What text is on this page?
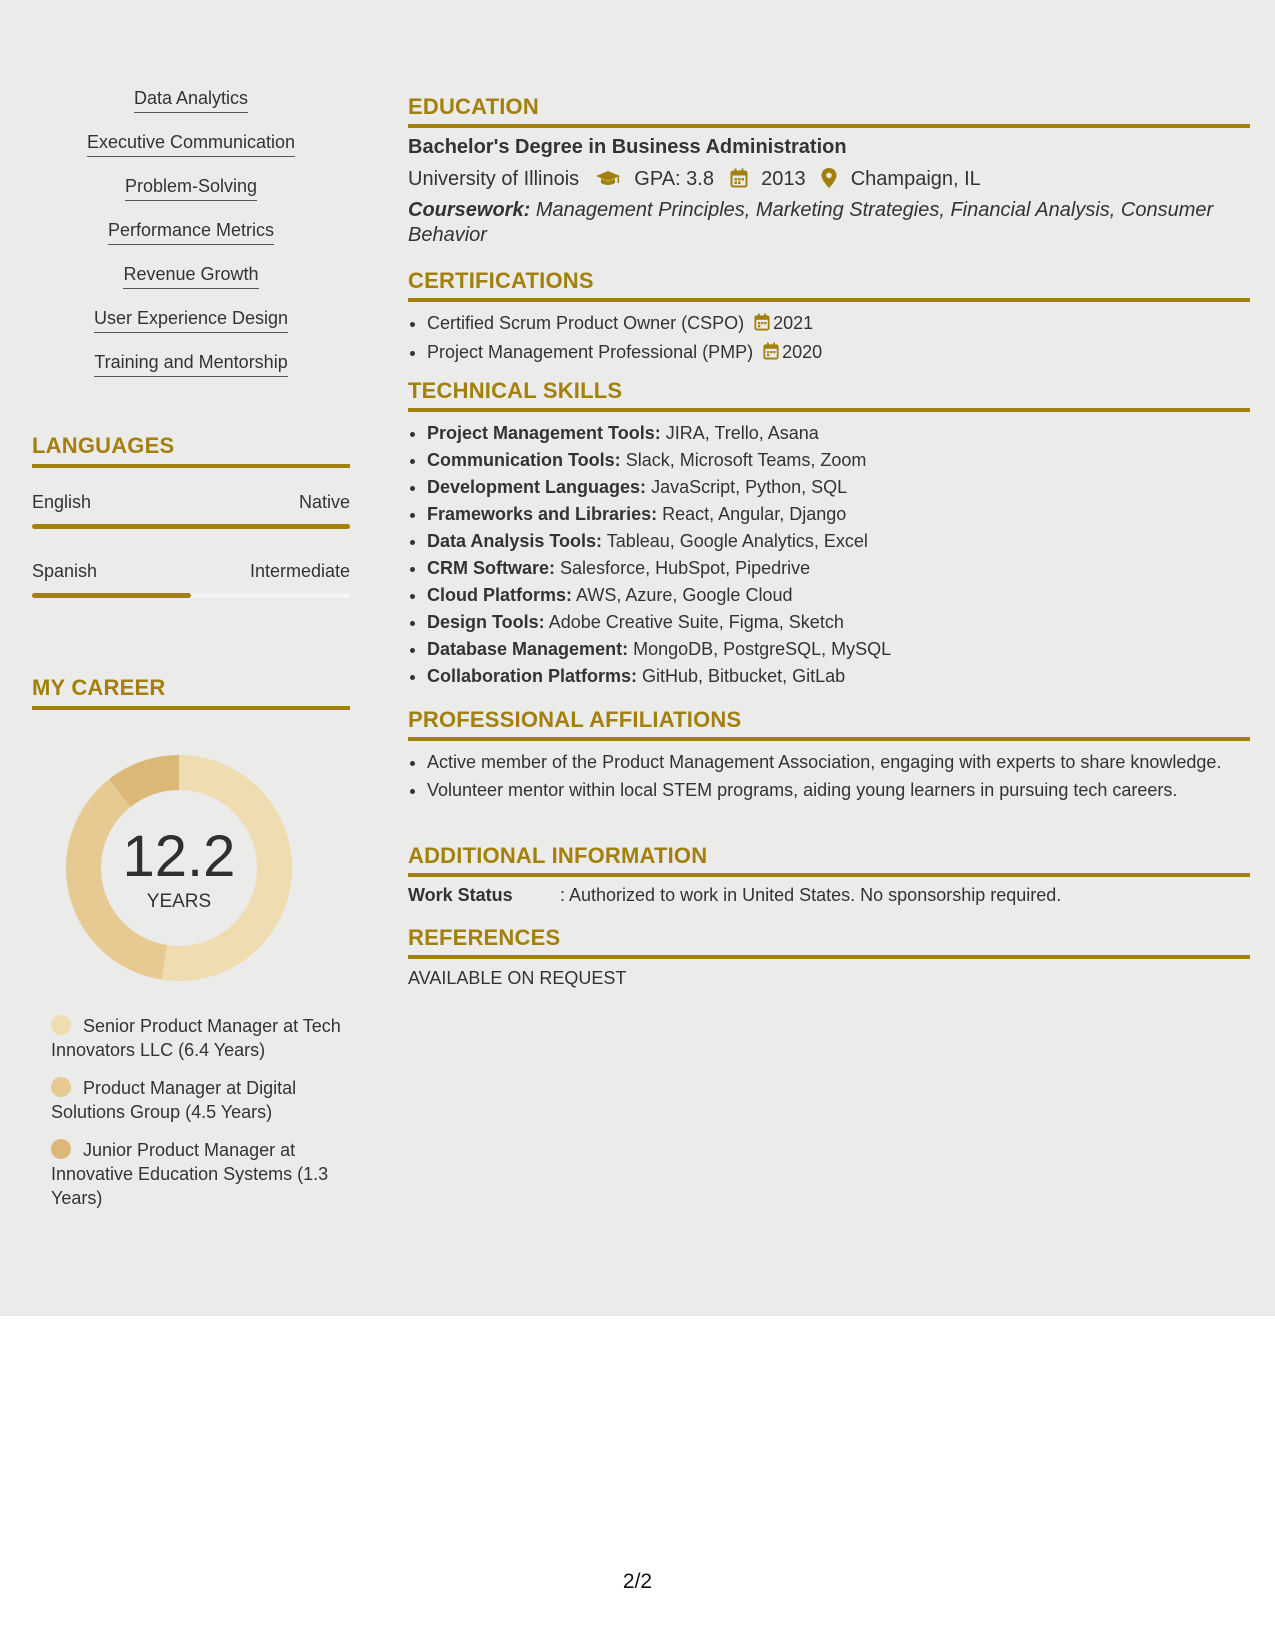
Data Analytics
Executive Communication
Problem-Solving
Performance Metrics
Revenue Growth
User Experience Design
Training and Mentorship
LANGUAGES
English	Native
Spanish	Intermediate
MY CAREER
12.2
YEARS
Senior Product Manager at Tech Innovators LLC (6.4 Years)
Product Manager at Digital Solutions Group (4.5 Years)
Junior Product Manager at Innovative Education Systems (1.3 Years)
EDUCATION
Bachelor's Degree in Business Administration
University of Illinois	GPA: 3.8 2013 Champaign, IL
Coursework: Management Principles, Marketing Strategies, Financial Analysis, Consumer Behavior
CERTIFICATIONS
• Certified Scrum Product Owner (CSPO) 2021
• Project Management Professional (PMP) 2020
TECHNICAL SKILLS
• Project Management Tools: JIRA, Trello, Asana
• Communication Tools: Slack, Microsoft Teams, Zoom
• Development Languages: JavaScript, Python, SQL
• Frameworks and Libraries: React, Angular, Django
• Data Analysis Tools: Tableau, Google Analytics, Excel
• CRM Software: Salesforce, HubSpot, Pipedrive
• Cloud Platforms: AWS, Azure, Google Cloud
• Design Tools: Adobe Creative Suite, Figma, Sketch
• Database Management: MongoDB, PostgreSQL, MySQL
• Collaboration Platforms: GitHub, Bitbucket, GitLab
PROFESSIONAL AFFILIATIONS
• Active member of the Product Management Association, engaging with experts to share knowledge.
• Volunteer mentor within local STEM programs, aiding young learners in pursuing tech careers.
ADDITIONAL INFORMATION
Work Status	: Authorized to work in United States. No sponsorship required.
REFERENCES
AVAILABLE ON REQUEST
2/2
